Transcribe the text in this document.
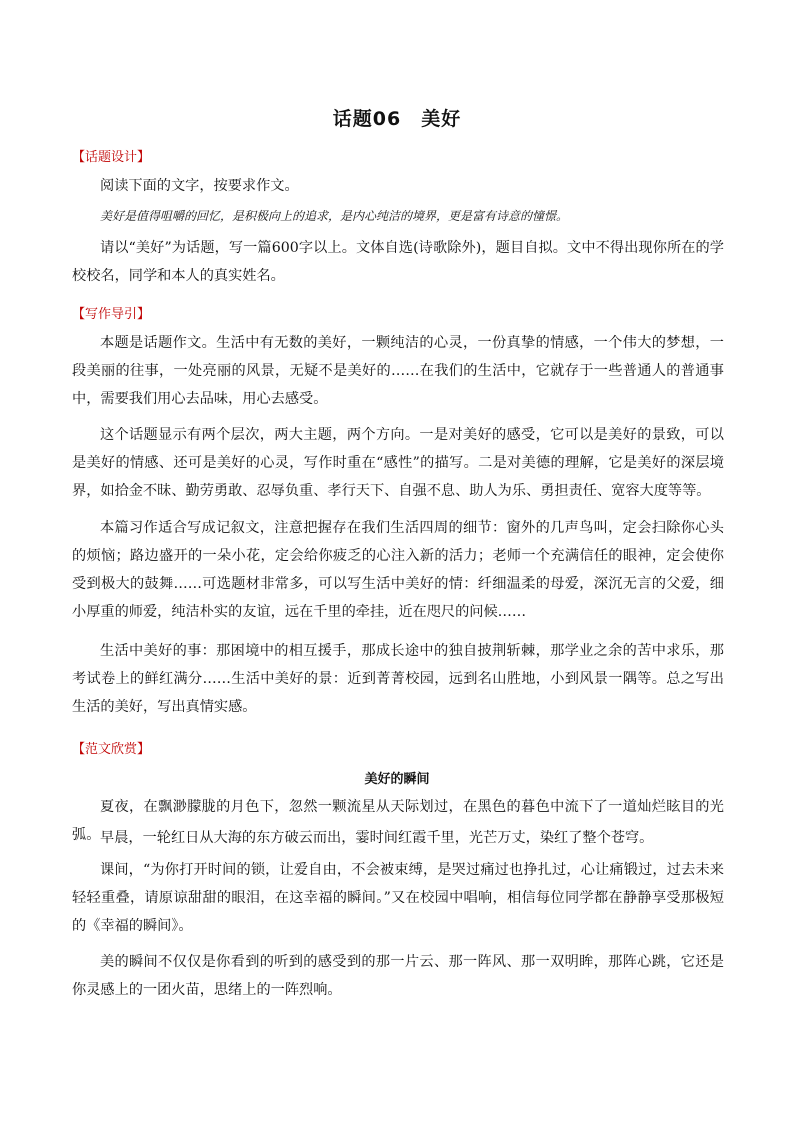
话题06　美好
【话题设计】
阅读下面的文字，按要求作文。
美好是值得咀嚼的回忆，是积极向上的追求，是内心纯洁的境界，更是富有诗意的憧憬。
请以“美好”为话题，写一篇600字以上。文体自选(诗歌除外)，题目自拟。文中不得出现你所在的学校校名，同学和本人的真实姓名。
【写作导引】
本题是话题作文。生活中有无数的美好，一颗纯洁的心灵，一份真挚的情感，一个伟大的梦想，一段美丽的往事，一处亮丽的风景，无疑不是美好的……在我们的生活中，它就存于一些普通人的普通事中，需要我们用心去品味，用心去感受。
这个话题显示有两个层次，两大主题，两个方向。一是对美好的感受，它可以是美好的景致，可以是美好的情感、还可是美好的心灵，写作时重在“感性”的描写。二是对美德的理解，它是美好的深层境界，如拾金不昧、勤劳勇敢、忍辱负重、孝行天下、自强不息、助人为乐、勇担责任、宽容大度等等。
本篇习作适合写成记叙文，注意把握存在我们生活四周的细节：窗外的几声鸟叫，定会扫除你心头的烦恼；路边盛开的一朵小花，定会给你疲乏的心注入新的活力；老师一个充满信任的眼神，定会使你受到极大的鼓舞……可选题材非常多，可以写生活中美好的情：纤细温柔的母爱，深沉无言的父爱，细小厚重的师爱，纯洁朴实的友谊，远在千里的牵挂，近在咫尺的问候……
生活中美好的事：那困境中的相互援手，那成长途中的独自披荆斩棘，那学业之余的苦中求乐，那考试卷上的鲜红满分……生活中美好的景：近到菁菁校园，远到名山胜地，小到风景一隅等。总之写出生活的美好，写出真情实感。
【范文欣赏】
美好的瞬间
夏夜，在飘渺朦胧的月色下，忽然一颗流星从天际划过，在黑色的暮色中流下了一道灿烂眩目的光弧。 早晨，一轮红日从大海的东方破云而出，霎时间红霞千里，光芒万丈，染红了整个苍穹。
课间，“为你打开时间的锁，让爱自由，不会被束缚，是哭过痛过也挣扎过，心让痛锻过，过去未来轻轻重叠，请原谅甜甜的眼泪，在这幸福的瞬间。”又在校园中唱响，相信每位同学都在静静享受那极短的《幸福的瞬间》。
美的瞬间不仅仅是你看到的听到的感受到的那一片云、那一阵风、那一双明眸，那阵心跳，它还是你灵感上的一团火苗，思绪上的一阵烈响。
